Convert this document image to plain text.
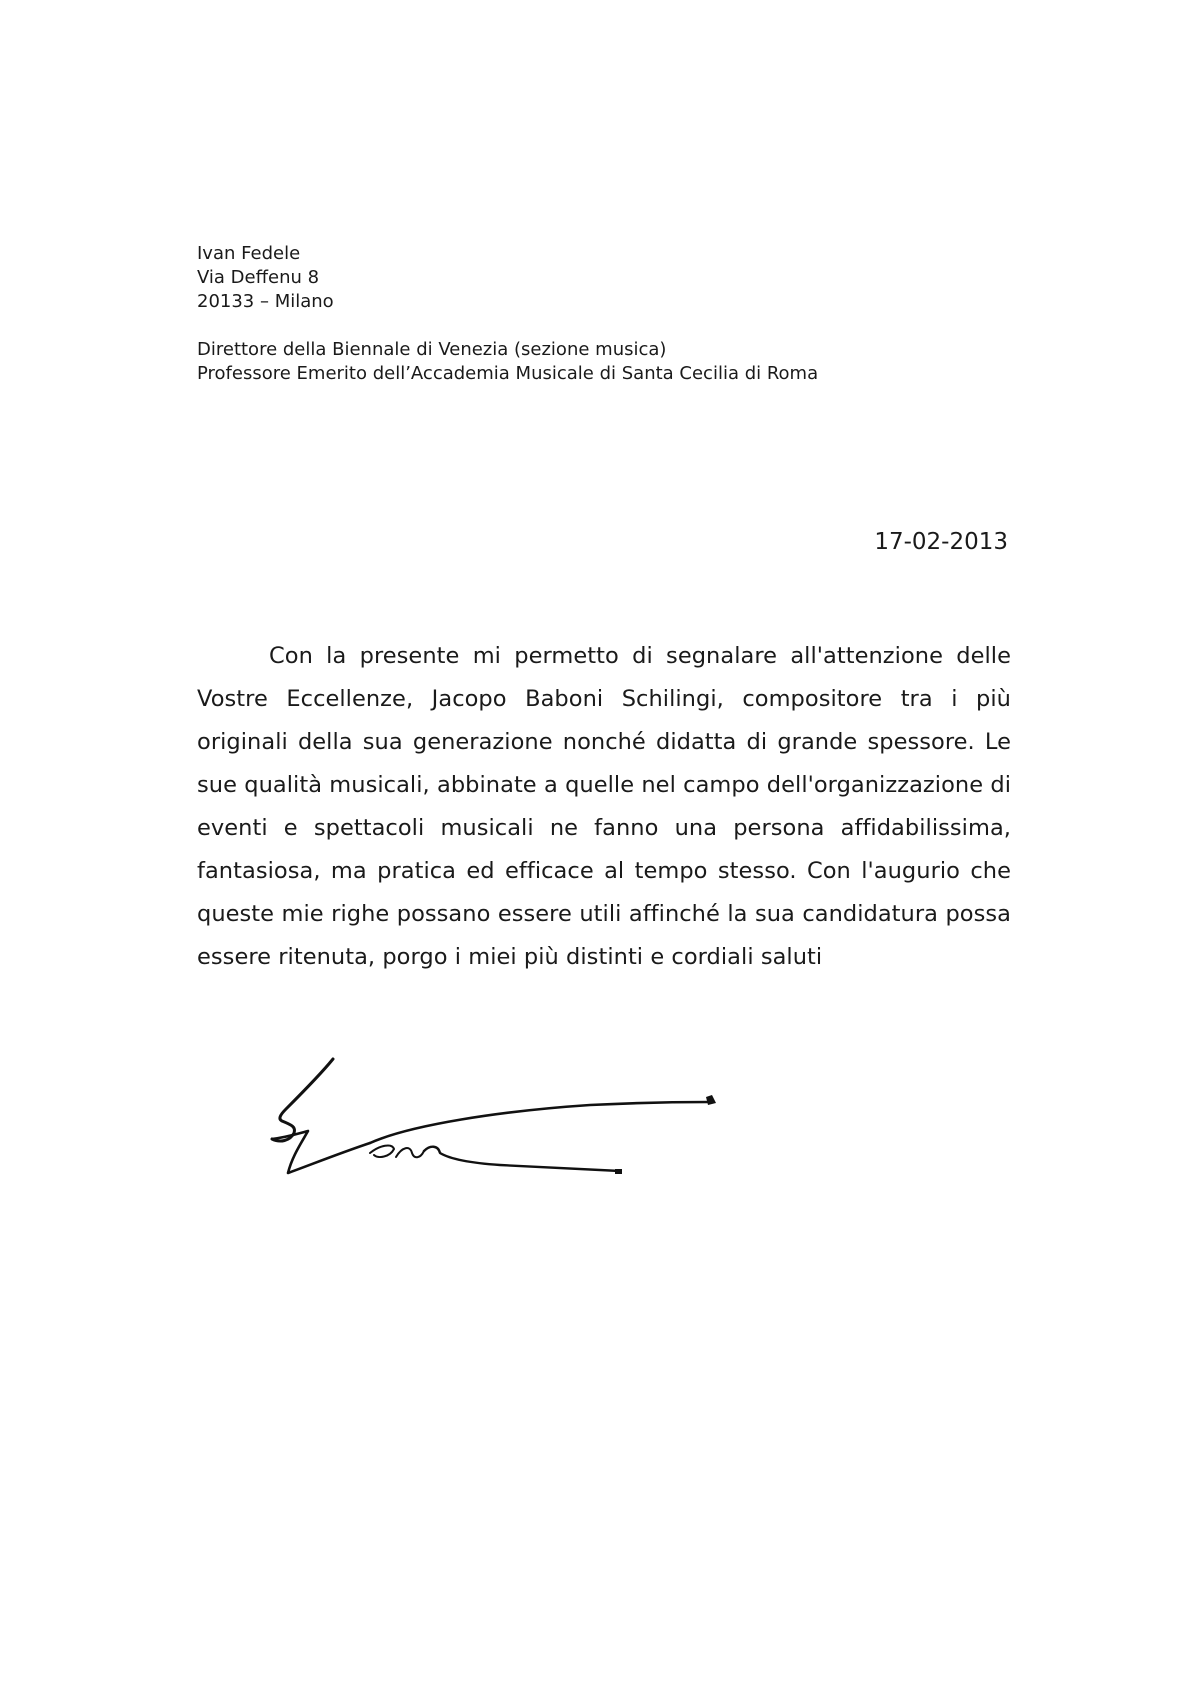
Ivan Fedele
Via Deffenu 8
20133 – Milano
Direttore della Biennale di Venezia (sezione musica)
Professore Emerito dell’Accademia Musicale di Santa Cecilia di Roma
17-02-2013

Con la presente mi permetto di segnalare all'attenzione delle Vostre Eccellenze, Jacopo Baboni Schilingi, compositore tra i più originali della sua generazione nonché didatta di grande spessore. Le sue qualità musicali, abbinate a quelle nel campo dell'organizzazione di eventi e spettacoli musicali ne fanno una persona affidabilissima, fantasiosa, ma pratica ed efficace al tempo stesso. Con l'augurio che queste mie righe possano essere utili affinché la sua candidatura possa essere ritenuta, porgo i miei più distinti e cordiali saluti
